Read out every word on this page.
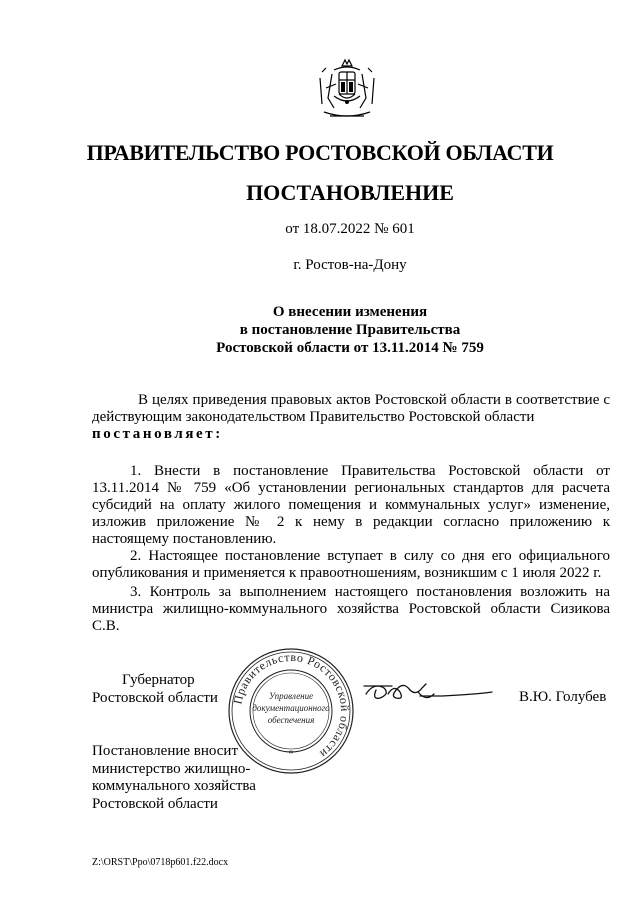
ПРАВИТЕЛЬСТВО РОСТОВСКОЙ ОБЛАСТИ
ПОСТАНОВЛЕНИЕ
от 18.07.2022 № 601
г. Ростов-на-Дону
О внесении изменения
в постановление Правительства
Ростовской области от 13.11.2014 № 759
В целях приведения правовых актов Ростовской области в соответствие с действующим законодательством Правительство Ростовской области
постановляет:
1. Внести в постановление Правительства Ростовской области от 13.11.2014 № 759 «Об установлении региональных стандартов для расчета субсидий на оплату жилого помещения и коммунальных услуг» изменение, изложив приложение № 2 к нему в редакции согласно приложению к настоящему постановлению.
2. Настоящее постановление вступает в силу со дня его официального опубликования и применяется к правоотношениям, возникшим с 1 июля 2022 г.
3. Контроль за выполнением настоящего постановления возложить на министра жилищно-коммунального хозяйства Ростовской области Сизикова С.В.
Губернатор
Ростовской области Правительство Ростовской области
Управление
документационного
обеспечения
*
В.Ю. Голубев
Постановление вносит
министерство жилищно-
коммунального хозяйства
Ростовской области
Z:\ORST\Ppo\0718p601.f22.docx
